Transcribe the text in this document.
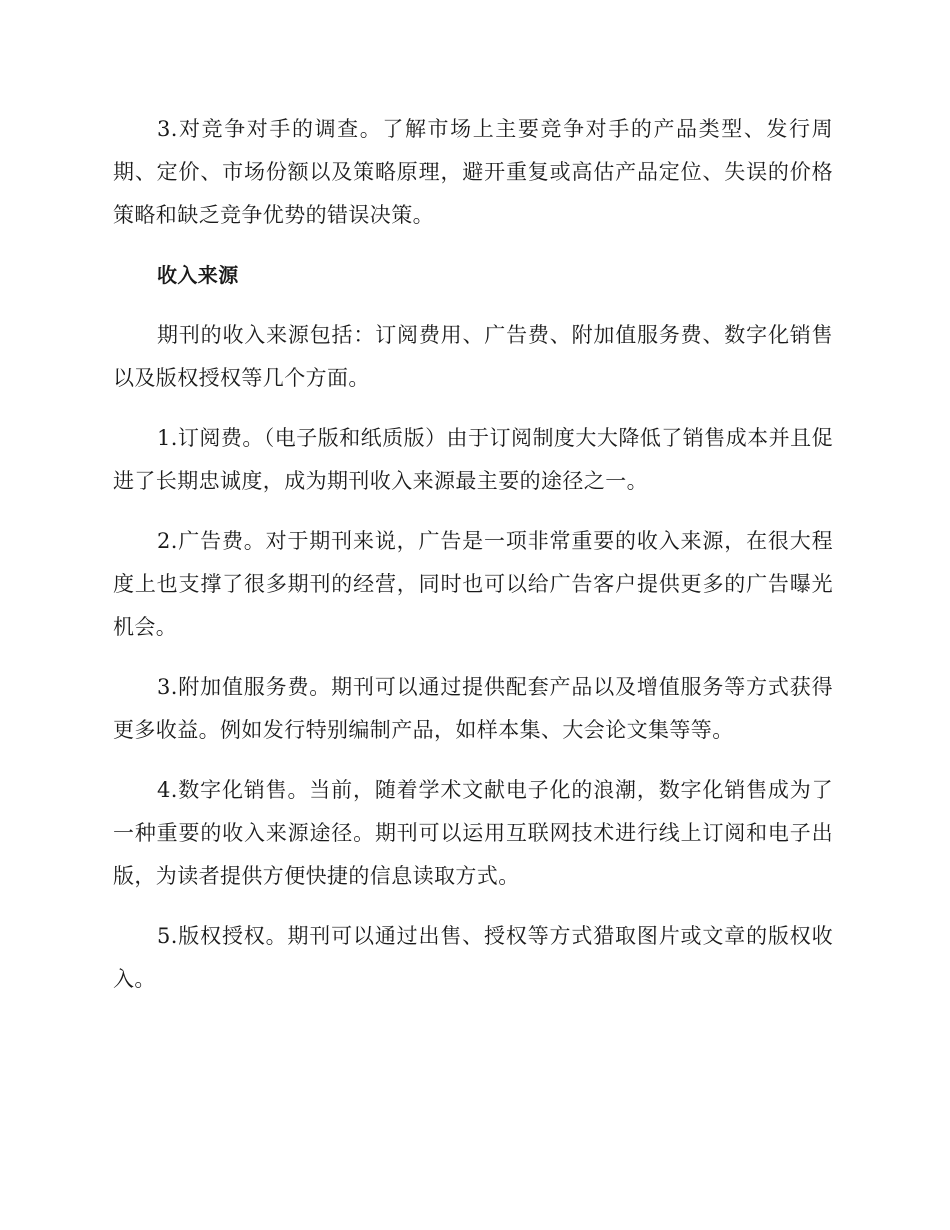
3.对竞争对手的调查。了解市场上主要竞争对手的产品类型、发行周期、定价、市场份额以及策略原理，避开重复或高估产品定位、失误的价格策略和缺乏竞争优势的错误决策。

收入来源

期刊的收入来源包括：订阅费用、广告费、附加值服务费、数字化销售以及版权授权等几个方面。

1.订阅费。（电子版和纸质版）由于订阅制度大大降低了销售成本并且促进了长期忠诚度，成为期刊收入来源最主要的途径之一。

2.广告费。对于期刊来说，广告是一项非常重要的收入来源，在很大程度上也支撑了很多期刊的经营，同时也可以给广告客户提供更多的广告曝光机会。

3.附加值服务费。期刊可以通过提供配套产品以及增值服务等方式获得更多收益。例如发行特别编制产品，如样本集、大会论文集等等。

4.数字化销售。当前，随着学术文献电子化的浪潮，数字化销售成为了一种重要的收入来源途径。期刊可以运用互联网技术进行线上订阅和电子出版，为读者提供方便快捷的信息读取方式。

5.版权授权。期刊可以通过出售、授权等方式猎取图片或文章的版权收入。
